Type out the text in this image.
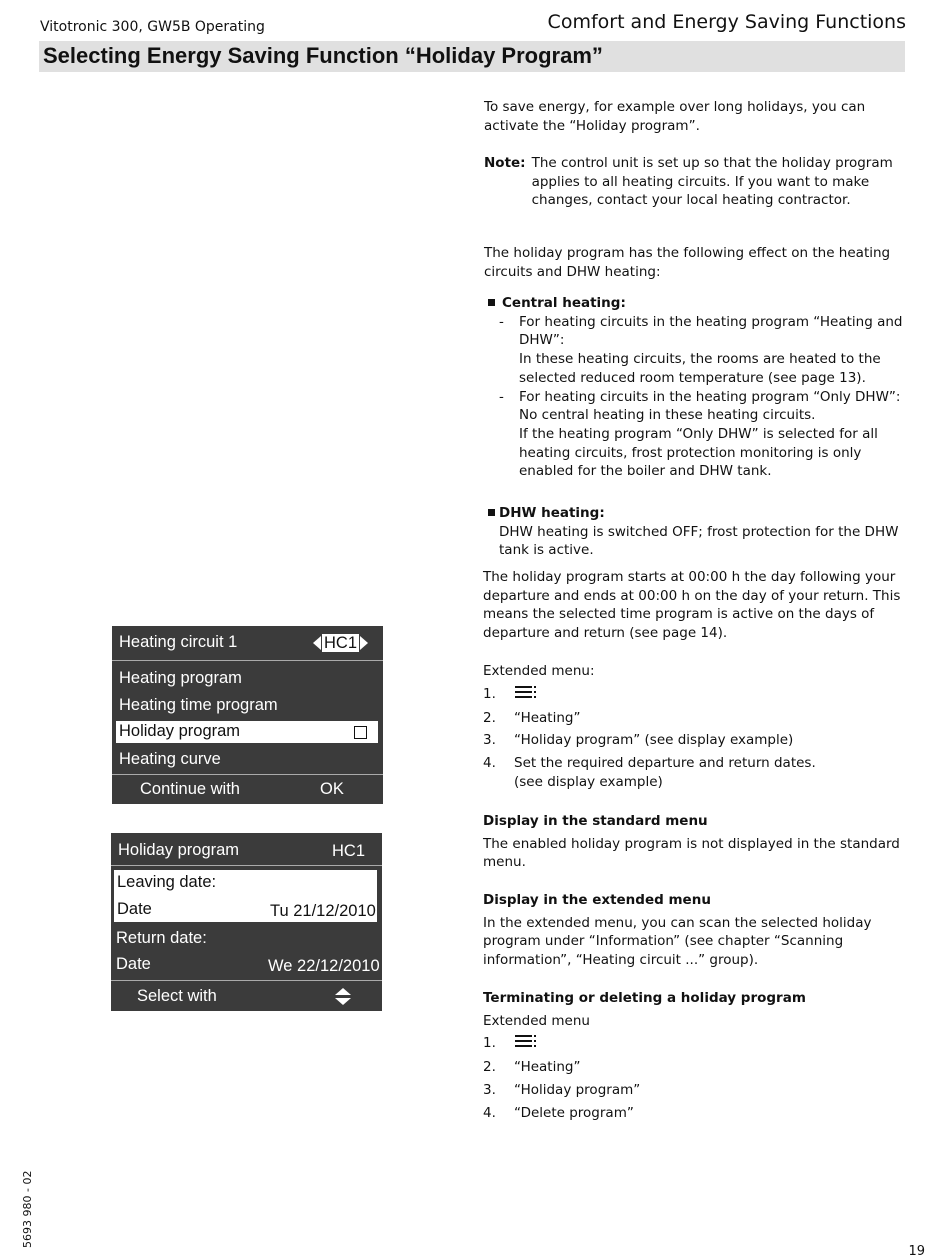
Vitotronic 300, GW5B Operating	Comfort and Energy Saving Functions
Selecting Energy Saving Function “Holiday Program”

To save energy, for example over long holidays, you can activate the “Holiday program”.

Note: The control unit is set up so that the holiday program applies to all heating circuits. If you want to make changes, contact your local heating contractor.

The holiday program has the following effect on the heating circuits and DHW heating:

Central heating:
-	For heating circuits in the heating program “Heating and DHW”:
In these heating circuits, the rooms are heated to the selected reduced room temperature (see page 13).
-	For heating circuits in the heating program “Only DHW”:
No central heating in these heating circuits.
If the heating program “Only DHW” is selected for all heating circuits, frost protection monitoring is only enabled for the boiler and DHW tank.
DHW heating:
DHW heating is switched OFF; frost protection for the DHW tank is active.

The holiday program starts at 00:00 h the day following your departure and ends at 00:00 h on the day of your return. This means the selected time program is active on the days of departure and return (see page 14).

Extended menu:
1.
2.	“Heating”
3.	“Holiday program” (see display example)
4.	Set the required departure and return dates.
(see display example)
Display in the standard menu
The enabled holiday program is not displayed in the standard menu.
Display in the extended menu
In the extended menu, you can scan the selected holiday program under “Information” (see chapter “Scanning information”, “Heating circuit ...” group).
Terminating or deleting a holiday program
Extended menu
1.
2.	“Heating”
3.	“Holiday program”
4.	“Delete program”
Heating circuit 1	HC1
Heating program
Heating time program
Holiday program
Heating curve
Continue with	OK
Holiday program	HC1
Leaving date:
Date	Tu 21/12/2010
Return date:
Date	We 22/12/2010
Select with
5693 980 - 02
19
